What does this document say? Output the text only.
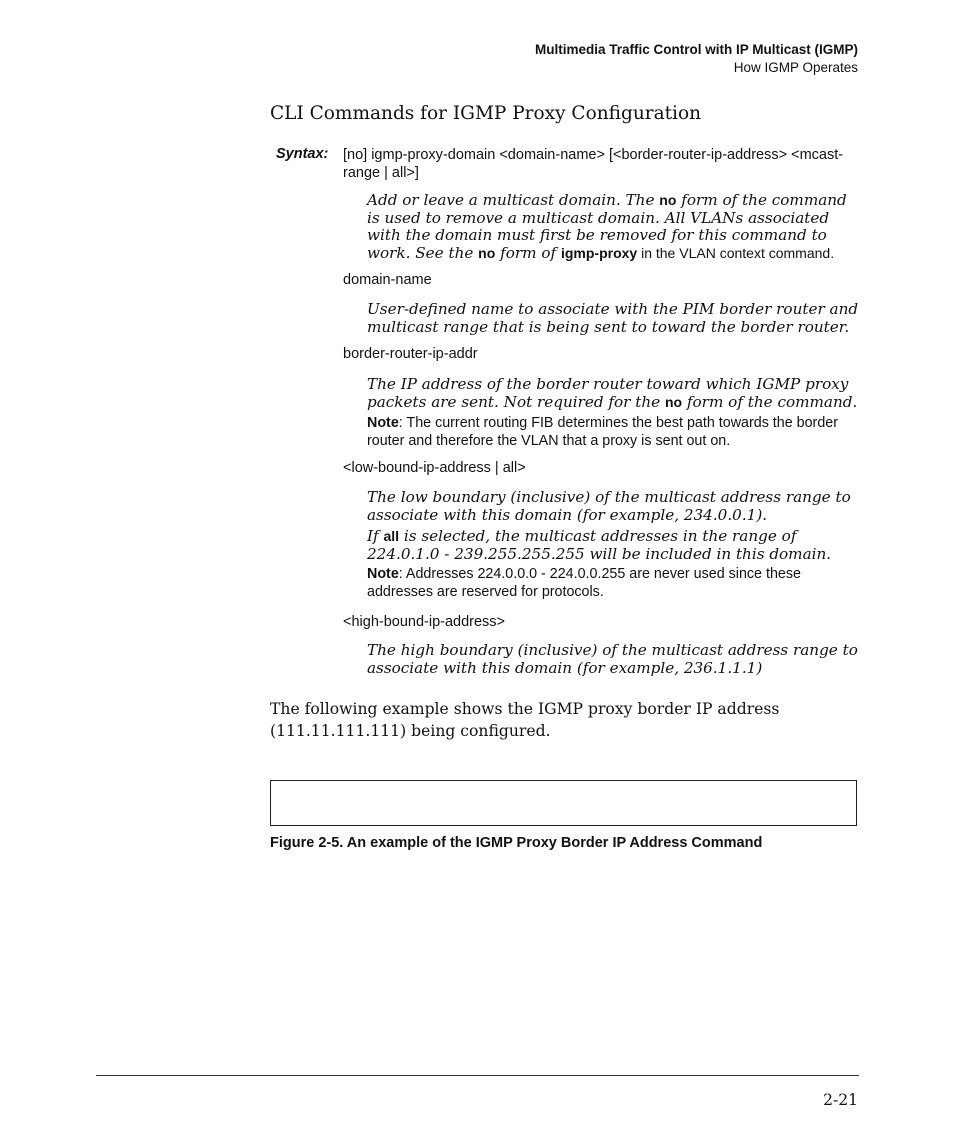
Multimedia Traffic Control with IP Multicast (IGMP)
How IGMP Operates
CLI Commands for IGMP Proxy Configuration
Syntax: [no] igmp-proxy-domain <domain-name> [<border-router-ip-address> <mcast-range | all>]
Add or leave a multicast domain. The no form of the command is used to remove a multicast domain. All VLANs associated with the domain must first be removed for this command to work. See the no form of igmp-proxy in the VLAN context command.
domain-name
User-defined name to associate with the PIM border router and multicast range that is being sent to toward the border router.
border-router-ip-addr
The IP address of the border router toward which IGMP proxy packets are sent. Not required for the no form of the command.
Note: The current routing FIB determines the best path towards the border router and therefore the VLAN that a proxy is sent out on.
<low-bound-ip-address | all>
The low boundary (inclusive) of the multicast address range to associate with this domain (for example, 234.0.0.1).
If all is selected, the multicast addresses in the range of 224.0.1.0 - 239.255.255.255 will be included in this domain.
Note: Addresses 224.0.0.0 - 224.0.0.255 are never used since these addresses are reserved for protocols.
<high-bound-ip-address>
The high boundary (inclusive) of the multicast address range to associate with this domain (for example, 236.1.1.1)
The following example shows the IGMP proxy border IP address (111.11.111.111) being configured.
Figure 2-5. An example of the IGMP Proxy Border IP Address Command
2-21
